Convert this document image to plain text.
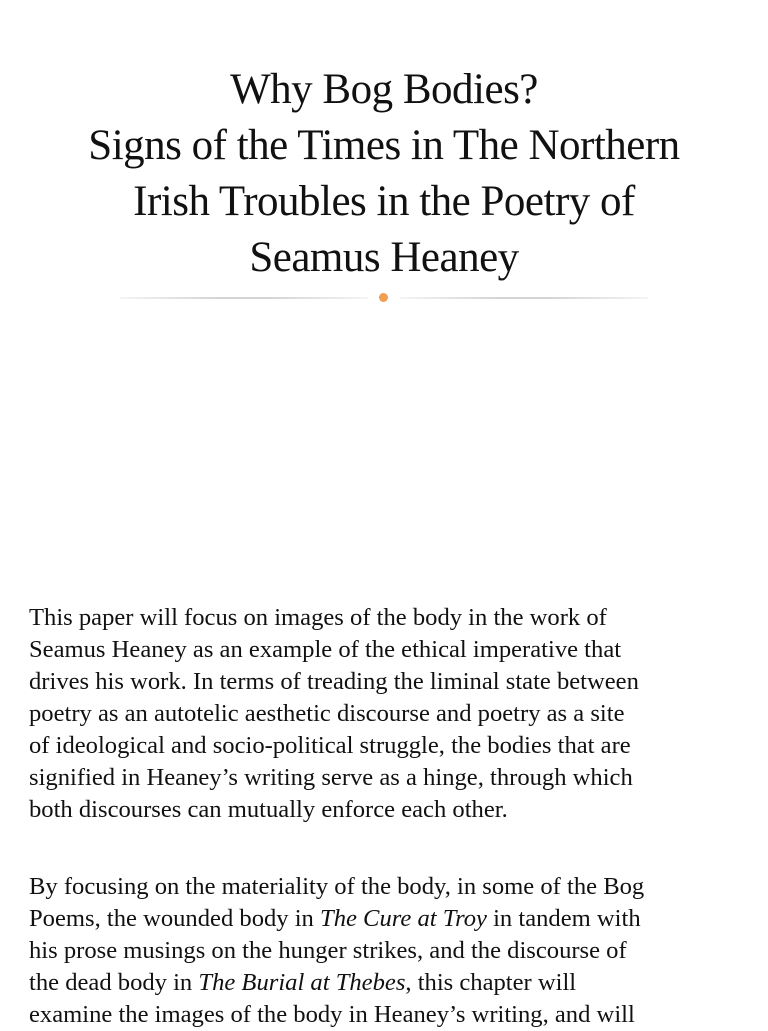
Why Bog Bodies?
Signs of the Times in The Northern
Irish Troubles in the Poetry of
Seamus Heaney

This paper will focus on images of the body in the work of
Seamus Heaney as an example of the ethical imperative that
drives his work. In terms of treading the liminal state between
poetry as an autotelic aesthetic discourse and poetry as a site
of ideological and socio-political struggle, the bodies that are
signified in Heaney’s writing serve as a hinge, through which
both discourses can mutually enforce each other.

By focusing on the materiality of the body, in some of the Bog
Poems, the wounded body in The Cure at Troy in tandem with
his prose musings on the hunger strikes, and the discourse of
the dead body in The Burial at Thebes, this chapter will
examine the images of the body in Heaney’s writing, and will
